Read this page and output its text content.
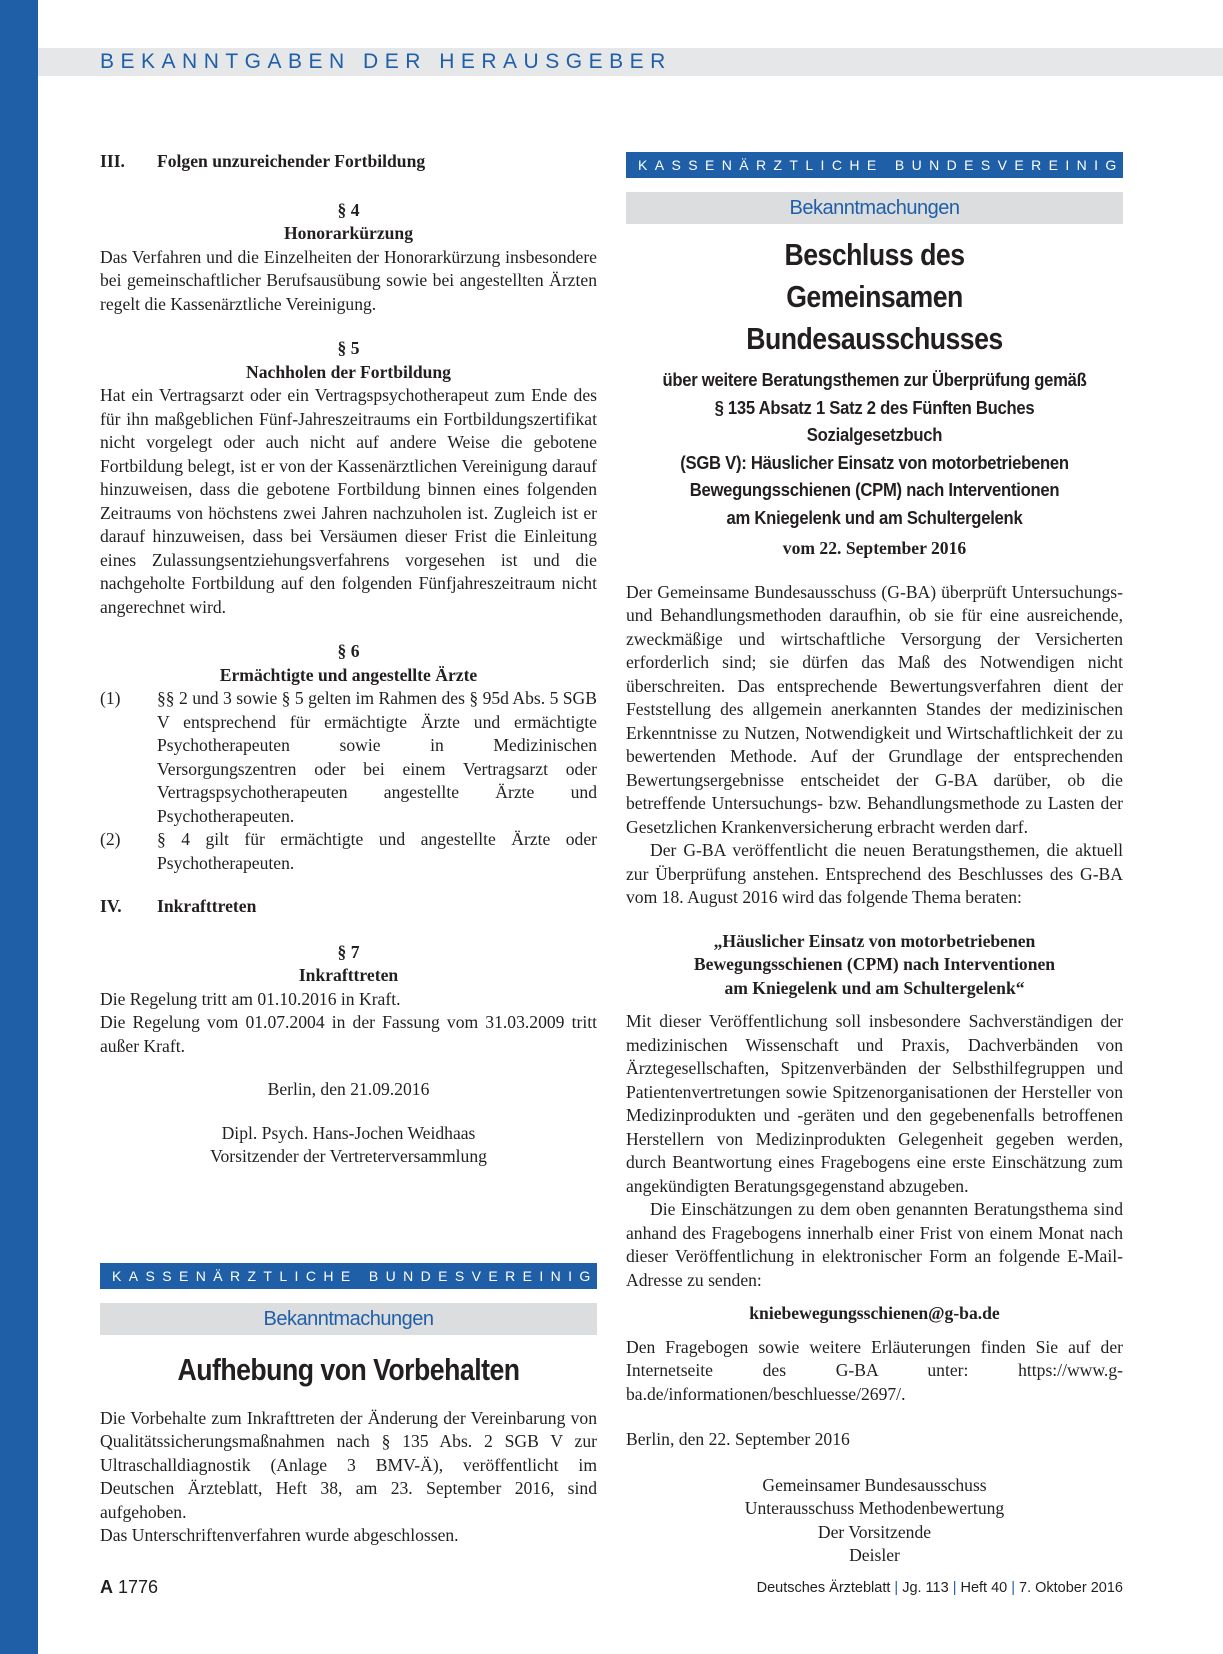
BEKANNTGABEN DER HERAUSGEBER
III.	Folgen unzureichender Fortbildung
§ 4
Honorarkürzung
Das Verfahren und die Einzelheiten der Honorarkürzung insbesondere bei gemeinschaftlicher Berufsausübung sowie bei angestellten Ärzten regelt die Kassenärztliche Vereinigung.
§ 5
Nachholen der Fortbildung
Hat ein Vertragsarzt oder ein Vertragspsychotherapeut zum Ende des für ihn maßgeblichen Fünf-Jahreszeitraums ein Fortbildungszertifikat nicht vorgelegt oder auch nicht auf andere Weise die gebotene Fortbildung belegt, ist er von der Kassenärztlichen Vereinigung darauf hinzuweisen, dass die gebotene Fortbildung binnen eines folgenden Zeitraums von höchstens zwei Jahren nachzuholen ist. Zugleich ist er darauf hinzuweisen, dass bei Versäumen dieser Frist die Einleitung eines Zulassungsentziehungsverfahrens vorgesehen ist und die nachgeholte Fortbildung auf den folgenden Fünfjahreszeitraum nicht angerechnet wird.
§ 6
Ermächtigte und angestellte Ärzte
(1)	§§ 2 und 3 sowie § 5 gelten im Rahmen des § 95d Abs. 5 SGB V entsprechend für ermächtigte Ärzte und ermächtigte Psychotherapeuten sowie in Medizinischen Versorgungszentren oder bei einem Vertragsarzt oder Vertragspsychotherapeuten angestellte Ärzte und Psychotherapeuten.
(2)	§ 4 gilt für ermächtigte und angestellte Ärzte oder Psychotherapeuten.
IV.	Inkrafttreten
§ 7
Inkrafttreten
Die Regelung tritt am 01.10.2016 in Kraft.
Die Regelung vom 01.07.2004 in der Fassung vom 31.03.2009 tritt außer Kraft.
Berlin, den 21.09.2016
Dipl. Psych. Hans-Jochen Weidhaas
Vorsitzender der Vertreterversammlung
KASSENÄRZTLICHE BUNDESVEREINIGUNG
Bekanntmachungen
Aufhebung von Vorbehalten
Die Vorbehalte zum Inkrafttreten der Änderung der Vereinbarung von Qualitätssicherungsmaßnahmen nach § 135 Abs. 2 SGB V zur Ultraschalldiagnostik (Anlage 3 BMV-Ä), veröffentlicht im Deutschen Ärzteblatt, Heft 38, am 23. September 2016, sind aufgehoben.
Das Unterschriftenverfahren wurde abgeschlossen.
KASSENÄRZTLICHE BUNDESVEREINIGUNG
Bekanntmachungen
Beschluss des
Gemeinsamen Bundesausschusses
über weitere Beratungsthemen zur Überprüfung gemäß
§ 135 Absatz 1 Satz 2 des Fünften Buches Sozialgesetzbuch
(SGB V): Häuslicher Einsatz von motorbetriebenen
Bewegungsschienen (CPM) nach Interventionen
am Kniegelenk und am Schultergelenk
vom 22. September 2016
Der Gemeinsame Bundesausschuss (G-BA) überprüft Untersuchungs- und Behandlungsmethoden daraufhin, ob sie für eine ausreichende, zweckmäßige und wirtschaftliche Versorgung der Versicherten erforderlich sind; sie dürfen das Maß des Notwendigen nicht überschreiten. Das entsprechende Bewertungsverfahren dient der Feststellung des allgemein anerkannten Standes der medizinischen Erkenntnisse zu Nutzen, Notwendigkeit und Wirtschaftlichkeit der zu bewertenden Methode. Auf der Grundlage der entsprechenden Bewertungsergebnisse entscheidet der G-BA darüber, ob die betreffende Untersuchungs- bzw. Behandlungsmethode zu Lasten der Gesetzlichen Krankenversicherung erbracht werden darf.
Der G-BA veröffentlicht die neuen Beratungsthemen, die aktuell zur Überprüfung anstehen. Entsprechend des Beschlusses des G-BA vom 18. August 2016 wird das folgende Thema beraten:
„Häuslicher Einsatz von motorbetriebenen
Bewegungsschienen (CPM) nach Interventionen
am Kniegelenk und am Schultergelenk“
Mit dieser Veröffentlichung soll insbesondere Sachverständigen der medizinischen Wissenschaft und Praxis, Dachverbänden von Ärztegesellschaften, Spitzenverbänden der Selbsthilfegruppen und Patientenvertretungen sowie Spitzenorganisationen der Hersteller von Medizinprodukten und -geräten und den gegebenenfalls betroffenen Herstellern von Medizinprodukten Gelegenheit gegeben werden, durch Beantwortung eines Fragebogens eine erste Einschätzung zum angekündigten Beratungsgegenstand abzugeben.
Die Einschätzungen zu dem oben genannten Beratungsthema sind anhand des Fragebogens innerhalb einer Frist von einem Monat nach dieser Veröffentlichung in elektronischer Form an folgende E-Mail-Adresse zu senden:
kniebewegungsschienen@g-ba.de
Den Fragebogen sowie weitere Erläuterungen finden Sie auf der Internetseite des G-BA unter: https://www.g-ba.de/informationen/beschluesse/2697/.
Berlin, den 22. September 2016
Gemeinsamer Bundesausschuss
Unterausschuss Methodenbewertung
Der Vorsitzende
Deisler
A 1776	Deutsches Ärzteblatt | Jg. 113 | Heft 40 | 7. Oktober 2016
